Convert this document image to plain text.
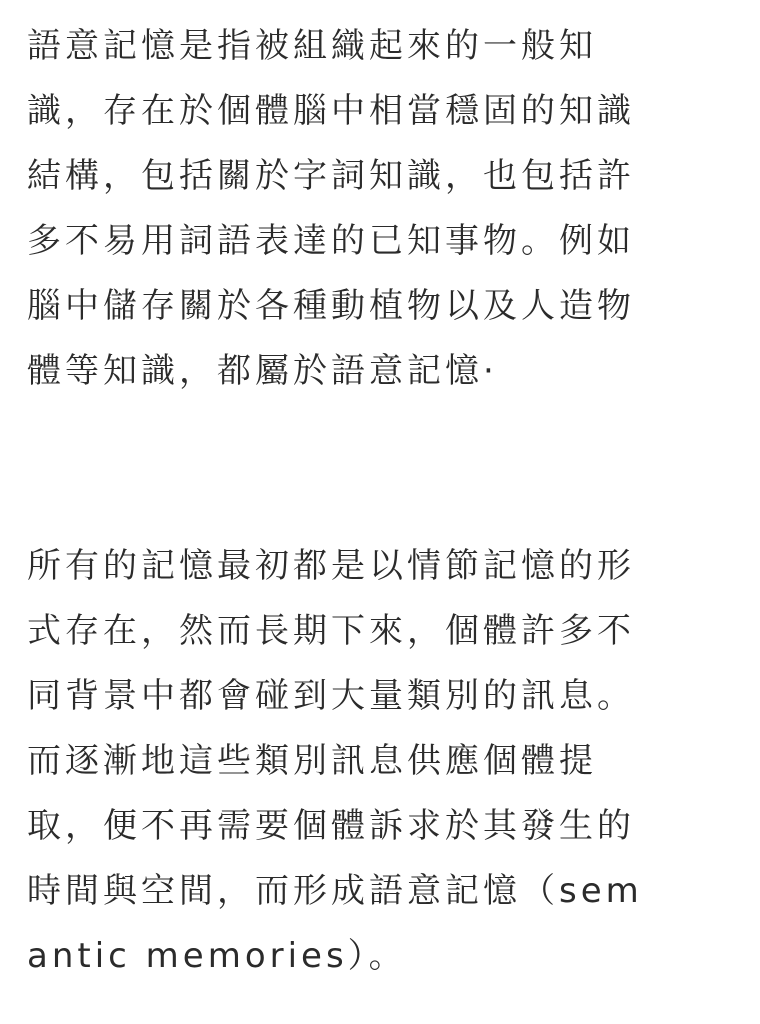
語意記憶是指被組織起來的一般知
識，存在於個體腦中相當穩固的知識
結構，包括關於字詞知識，也包括許
多不易用詞語表達的已知事物。例如
腦中儲存關於各種動植物以及人造物
體等知識，都屬於語意記憶·

所有的記憶最初都是以情節記憶的形
式存在，然而長期下來，個體許多不
同背景中都會碰到大量類別的訊息。
而逐漸地這些類別訊息供應個體提
取，便不再需要個體訴求於其發生的
時間與空間，而形成語意記憶（sem
antic memories）。
